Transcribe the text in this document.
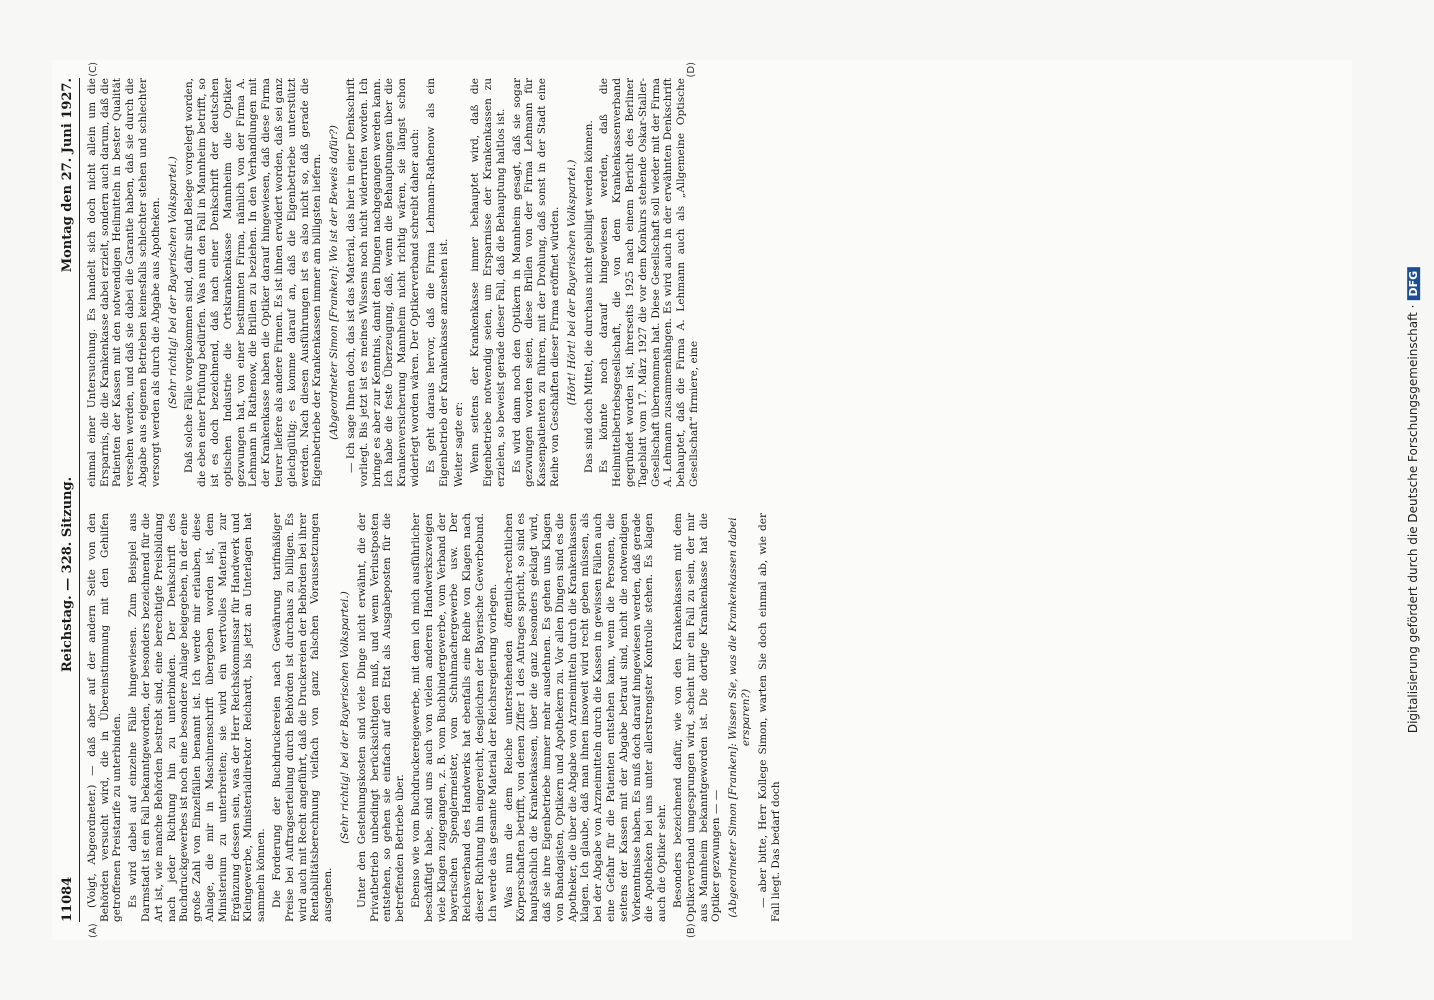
Digitalisierung gefördert durch die Deutsche Forschungsgemeinschaft ·DFG
11084
Reichstag. — 328. Sitzung.
Montag den 27. Juni 1927.
(A)	(B)

(Voigt, Abgeordneter.) — daß aber auf der andern Seite von den Behörden versucht wird, die in Übereinstimmung mit den Gehilfen getroffenen Preistarife zu unterbinden. Es wird dabei auf einzelne Fälle hingewiesen. Zum Beispiel aus Darmstadt ist ein Fall bekanntgeworden, der besonders bezeichnend für die Art ist, wie manche Behörden bestrebt sind, eine berechtigte Preisbildung nach jeder Richtung hin zu unterbinden. Der Denkschrift des Buchdruckgewerbes ist noch eine besondere Anlage beigegeben, in der eine große Zahl von Einzelfällen benannt ist. Ich werde mir erlauben, diese Anlage, die mir in Maschinenschrift übergeben worden ist, dem Ministerium zu unterbreiten; sie wird ein wertvolles Material zur Ergänzung dessen sein, was der Herr Reichskommissar für Handwerk und Kleingewerbe, Ministerialdirektor Reichardt, bis jetzt an Unterlagen hat sammeln können. Die Forderung der Buchdruckereien nach Gewährung tarifmäßiger Preise bei Auftragserteilung durch Behörden ist durchaus zu billigen. Es wird auch mit Recht angeführt, daß die Druckereien der Behörden bei ihrer Rentabilitätsberechnung vielfach von ganz falschen Voraussetzungen ausgehen.

(Sehr richtig! bei der Bayerischen Volkspartei.) Unter den Gestehungskosten sind viele Dinge nicht erwähnt, die der Privatbetrieb unbedingt berücksichtigen muß, und wenn Verlustposten entstehen, so gehen sie einfach auf den Etat als Ausgabeposten für die betreffenden Betriebe über. Ebenso wie vom Buchdruckereigewerbe, mit dem ich mich ausführlicher beschäftigt habe, sind uns auch von vielen anderen Handwerkszweigen viele Klagen zugegangen, z. B. vom Buchbindergewerbe, vom Verband der bayerischen Spenglermeister, vom Schuhmachergewerbe usw. Der Reichsverband des Handwerks hat ebenfalls eine Reihe von Klagen nach dieser Richtung hin eingereicht, desgleichen der Bayerische Gewerbebund. Ich werde das gesamte Material der Reichsregierung vorlegen. Was nun die dem Reiche unterstehenden öffentlich-rechtlichen Körperschaften betrifft, von denen Ziffer 1 des Antrages spricht, so sind es hauptsächlich die Krankenkassen, über die ganz besonders geklagt wird, daß sie ihre Eigenbetriebe immer mehr ausdehnen. Es gehen uns Klagen von Bandagisten, Optikern und Apothekern zu. Vor allen Dingen sind es die Apotheker, die über die Abgabe von Arzneimitteln durch die Krankenkassen klagen. Ich glaube, daß man ihnen insoweit wird recht geben müssen, als bei der Abgabe von Arzneimitteln durch die Kassen in gewissen Fällen auch eine Gefahr für die Patienten entstehen kann, wenn die Personen, die seitens der Kassen mit der Abgabe betraut sind, nicht die notwendigen Vorkenntnisse haben. Es muß doch darauf hingewiesen werden, daß gerade die Apotheken bei uns unter allerstrengster Kontrolle stehen. Es klagen auch die Optiker sehr. Besonders bezeichnend dafür, wie von den Krankenkassen mit dem Optikerverband umgesprungen wird, scheint mir ein Fall zu sein, der mir aus Mannheim bekanntgeworden ist. Die dortige Krankenkasse hat die Optiker gezwungen — — (Abgeordneter Simon [Franken]: Wissen Sie, was die Krankenkassen dabei ersparen?) — aber bitte, Herr Kollege Simon, warten Sie doch einmal ab, wie der Fall liegt. Das bedarf doch

(C)	(D)

einmal einer Untersuchung. Es handelt sich doch nicht allein um die Ersparnis, die die Krankenkasse dabei erzielt, sondern auch darum, daß die Patienten der Kassen mit den notwendigen Heilmitteln in bester Qualität versehen werden, und daß sie dabei die Garantie haben, daß sie durch die Abgabe aus eigenen Betrieben keinesfalls schlechter stehen und schlechter versorgt werden als durch die Abgabe aus Apotheken. (Sehr richtig! bei der Bayerischen Volkspartei.) Daß solche Fälle vorgekommen sind, dafür sind Belege vorgelegt worden, die eben einer Prüfung bedürfen. Was nun den Fall in Mannheim betrifft, so ist es doch bezeichnend, daß nach einer Denkschrift der deutschen optischen Industrie die Ortskrankenkasse Mannheim die Optiker gezwungen hat, von einer bestimmten Firma, nämlich von der Firma A. Lehmann in Rathenow, die Brillen zu beziehen. In den Verhandlungen mit der Krankenkasse haben die Optiker darauf hingewiesen, daß diese Firma teurer liefere als andere Firmen. Es ist ihnen erwidert worden, daß sei ganz gleichgültig; es komme darauf an, daß die Eigenbetriebe unterstützt werden. Nach diesen Ausführungen ist es also nicht so, daß gerade die Eigenbetriebe der Krankenkassen immer am billigsten liefern. (Abgeordneter Simon [Franken]: Wo ist der Beweis dafür?) — Ich sage Ihnen doch, das ist das Material, das hier in einer Denkschrift vorliegt. Bis jetzt ist es meines Wissens noch nicht widerrufen worden. Ich bringe es aber zur Kenntnis, damit den Dingen nachgegangen werden kann. Ich habe die feste Überzeugung, daß, wenn die Behauptungen über die Krankenversicherung Mannheim nicht richtig wären, sie längst schon widerlegt worden wären. Der Optikerverband schreibt daher auch: Es geht daraus hervor, daß die Firma Lehmann-Rathenow als ein Eigenbetrieb der Krankenkasse anzusehen ist. Weiter sagte er: Wenn seitens der Krankenkasse immer behauptet wird, daß die Eigenbetriebe notwendig seien, um Ersparnisse der Krankenkassen zu erzielen, so beweist gerade dieser Fall, daß die Behauptung haltlos ist. Es wird dann noch den Optikern in Mannheim gesagt, daß sie sogar gezwungen worden seien, diese Brillen von der Firma Lehmann für Kassenpatienten zu führen, mit der Drohung, daß sonst in der Stadt eine Reihe von Geschäften dieser Firma eröffnet würden. (Hört! Hört! bei der Bayerischen Volkspartei.) Das sind doch Mittel, die durchaus nicht gebilligt werden können. Es könnte noch darauf hingewiesen werden, daß die Heilmittelbetriebsgesellschaft, die von dem Krankenkassenverband gegründet worden ist, ihrerseits 1925 nach einem Bericht des Berliner Tageblatt vom 17. März 1927 die vor dem Konkurs stehende Oskar-Staller-Gesellschaft übernommen hat. Diese Gesellschaft soll wieder mit der Firma A. Lehmann zusammenhängen. Es wird auch in der erwähnten Denkschrift behauptet, daß die Firma A. Lehmann auch als „Allgemeine Optische Gesellschaft“ firmiere, eine
